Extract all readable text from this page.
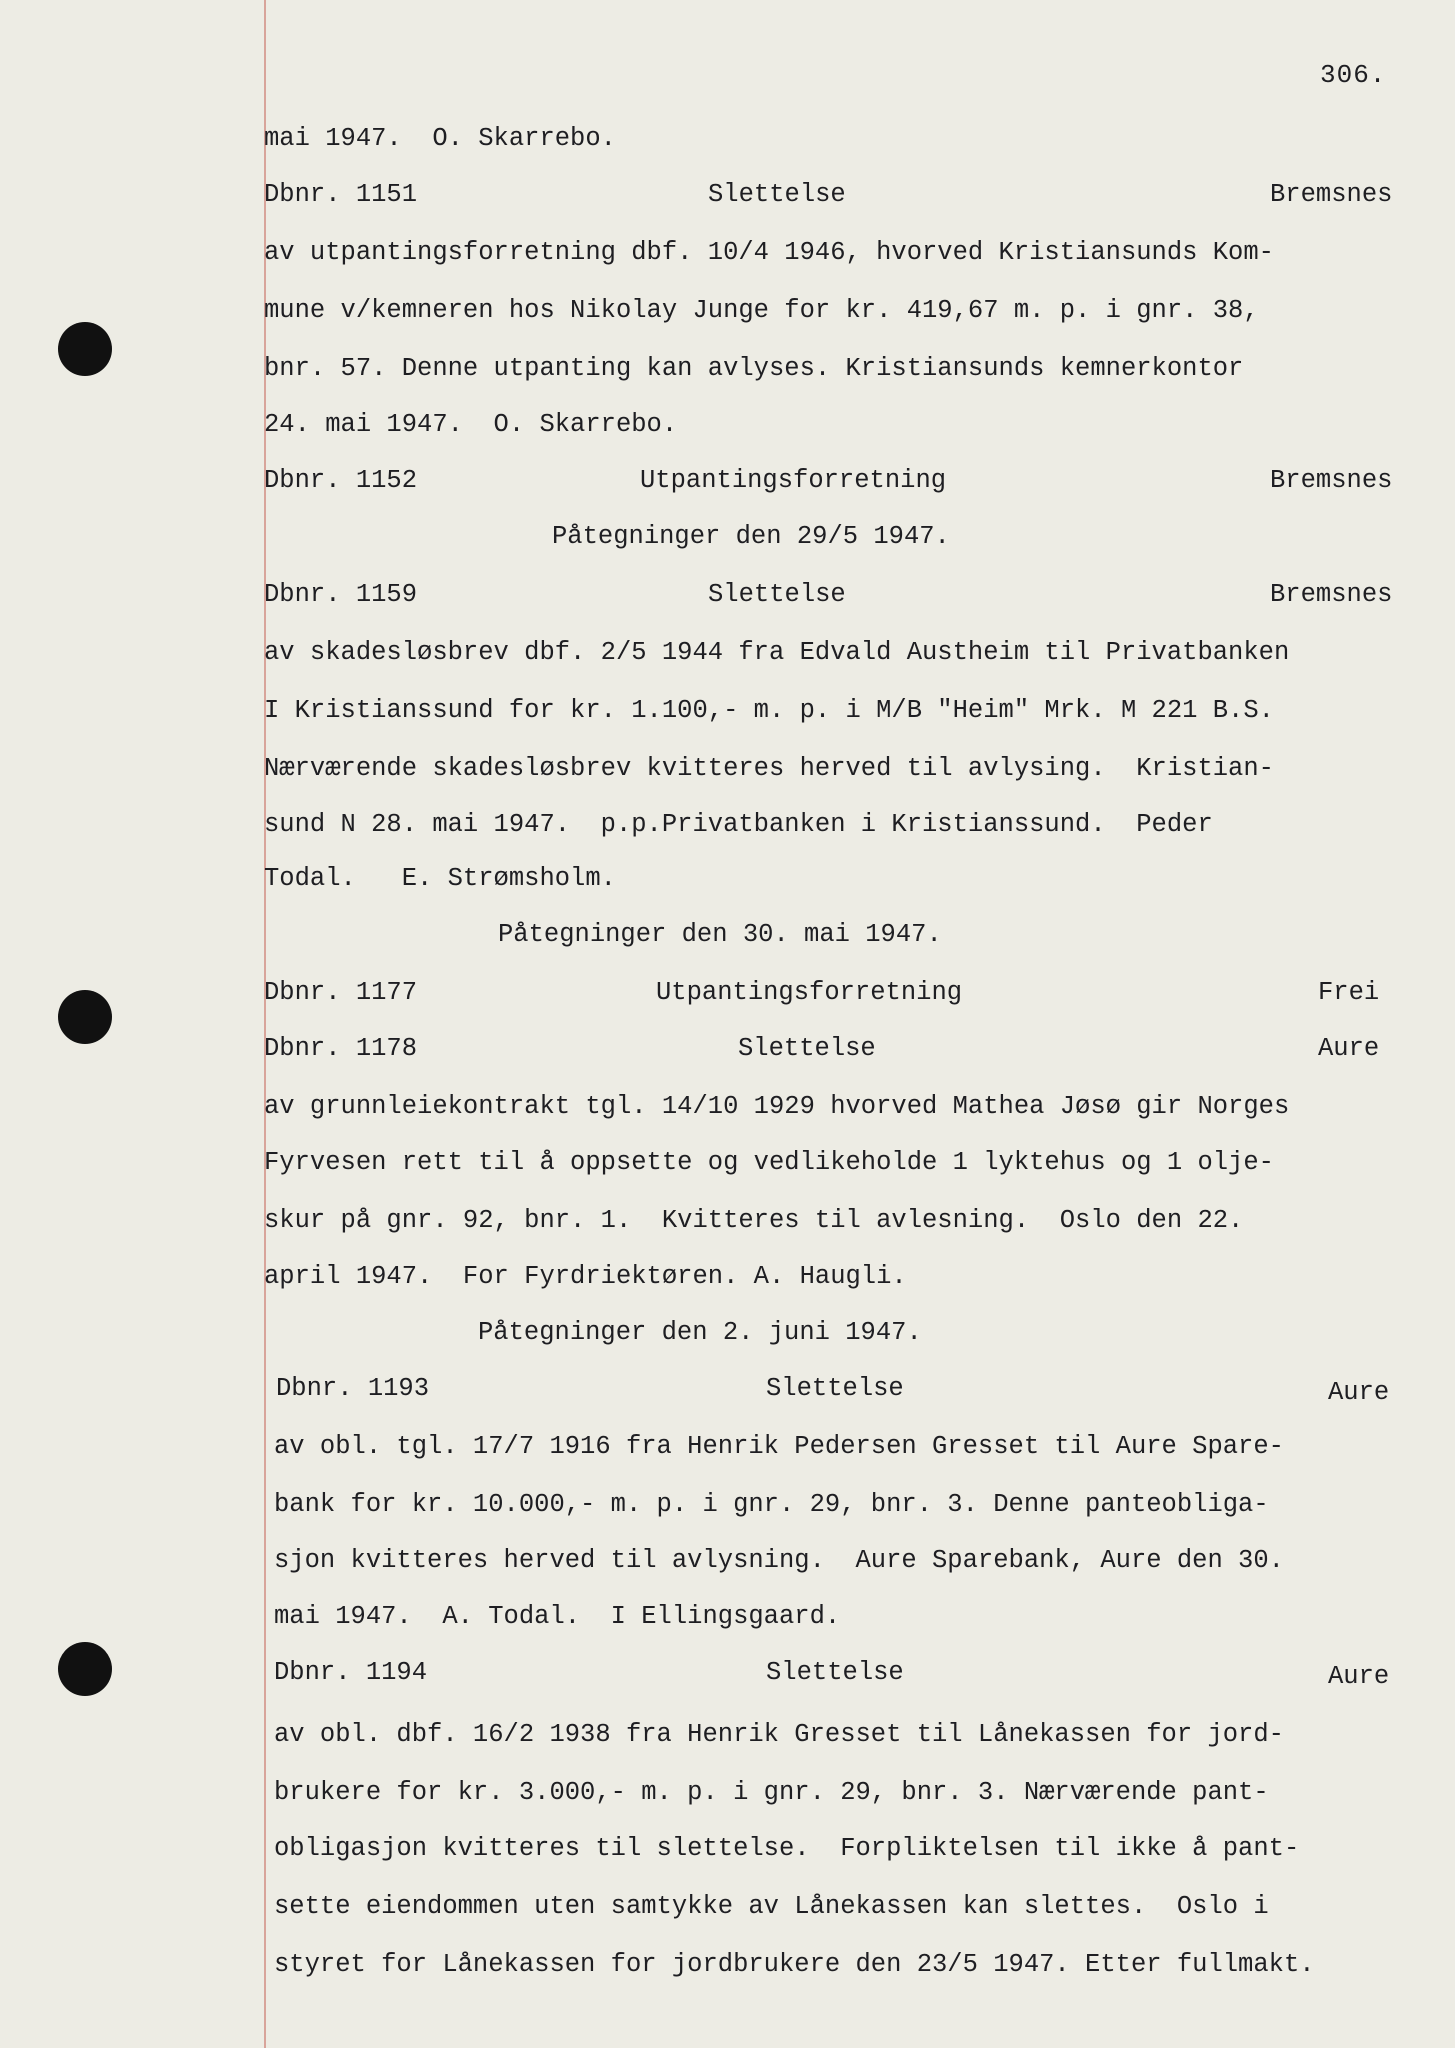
306.
mai 1947.  O. Skarrebo.
Dbnr. 1151	Slettelse	Bremsnes
av utpantingsforretning dbf. 10/4 1946, hvorved Kristiansunds Kom-
mune v/kemneren hos Nikolay Junge for kr. 419,67 m. p. i gnr. 38,
bnr. 57. Denne utpanting kan avlyses. Kristiansunds kemnerkontor
24. mai 1947.  O. Skarrebo.
Dbnr. 1152	Utpantingsforretning	Bremsnes
Påtegninger den 29/5 1947.
Dbnr. 1159	Slettelse	Bremsnes
av skadesløsbrev dbf. 2/5 1944 fra Edvald Austheim til Privatbanken
I Kristianssund for kr. 1.100,- m. p. i M/B "Heim" Mrk. M 221 B.S.
Nærværende skadesløsbrev kvitteres herved til avlysing.  Kristian-
sund N 28. mai 1947.  p.p.Privatbanken i Kristianssund.  Peder
Todal.   E. Strømsholm.
Påtegninger den 30. mai 1947.
Dbnr. 1177	Utpantingsforretning	Frei
Dbnr. 1178	Slettelse	Aure
av grunnleiekontrakt tgl. 14/10 1929 hvorved Mathea Jøsø gir Norges
Fyrvesen rett til å oppsette og vedlikeholde 1 lyktehus og 1 olje-
skur på gnr. 92, bnr. 1.  Kvitteres til avlesning.  Oslo den 22.
april 1947.  For Fyrdriektøren. A. Haugli.
Påtegninger den 2. juni 1947.
Dbnr. 1193	Slettelse	Aure
av obl. tgl. 17/7 1916 fra Henrik Pedersen Gresset til Aure Spare-
bank for kr. 10.000,- m. p. i gnr. 29, bnr. 3. Denne panteobliga-
sjon kvitteres herved til avlysning.  Aure Sparebank, Aure den 30.
mai 1947.  A. Todal.  I Ellingsgaard.
Dbnr. 1194	Slettelse	Aure
av obl. dbf. 16/2 1938 fra Henrik Gresset til Lånekassen for jord-
brukere for kr. 3.000,- m. p. i gnr. 29, bnr. 3. Nærværende pant-
obligasjon kvitteres til slettelse.  Forpliktelsen til ikke å pant-
sette eiendommen uten samtykke av Lånekassen kan slettes.  Oslo i
styret for Lånekassen for jordbrukere den 23/5 1947. Etter fullmakt.
